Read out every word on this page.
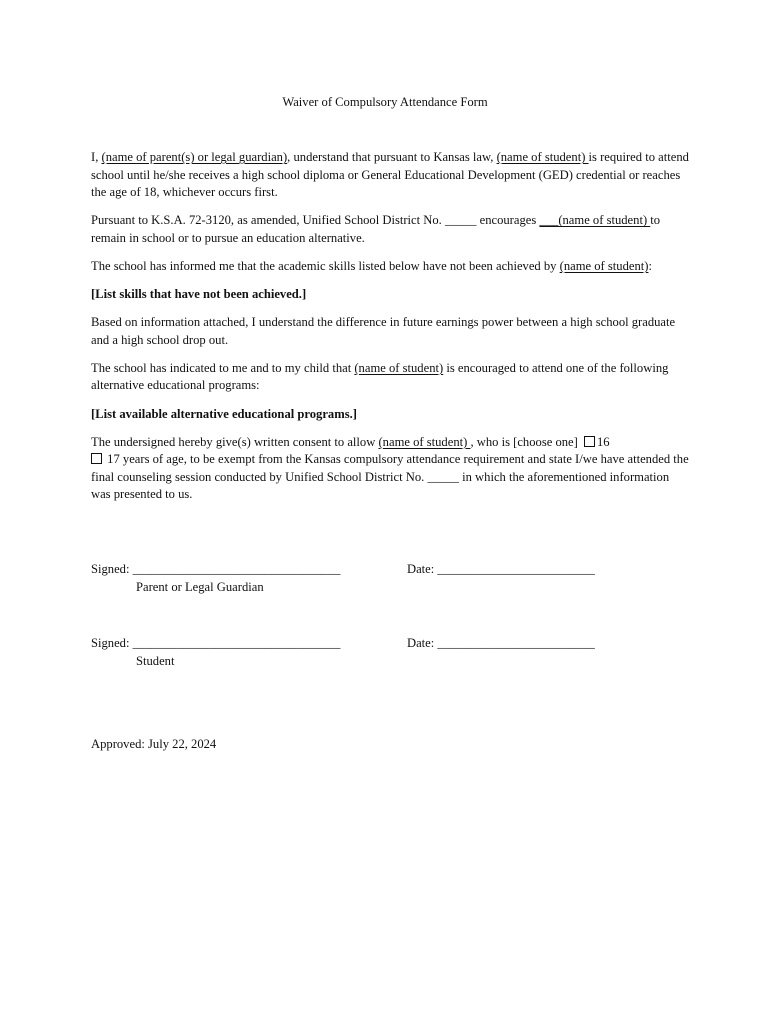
Waiver of Compulsory Attendance Form

I, (name of parent(s) or legal guardian), understand that pursuant to Kansas law, (name of student) is required to attend school until he/she receives a high school diploma or General Educational Development (GED) credential or reaches the age of 18, whichever occurs first.

Pursuant to K.S.A. 72-3120, as amended, Unified School District No. _____ encourages ___(name of student) to remain in school or to pursue an education alternative.

The school has informed me that the academic skills listed below have not been achieved by (name of student):

[List skills that have not been achieved.]

Based on information attached, I understand the difference in future earnings power between a high school graduate and a high school drop out.

The school has indicated to me and to my child that (name of student) is encouraged to attend one of the following alternative educational programs:

[List available alternative educational programs.]

The undersigned hereby give(s) written consent to allow (name of student) , who is [choose one] 16
17 years of age, to be exempt from the Kansas compulsory attendance requirement and state I/we have attended the final counseling session conducted by Unified School District No. _____ in which the aforementioned information was presented to us.

Signed: _________________________________
Parent or Legal Guardian
Date: _________________________
Signed: _________________________________
Student
Date: _________________________
Approved: July 22, 2024
